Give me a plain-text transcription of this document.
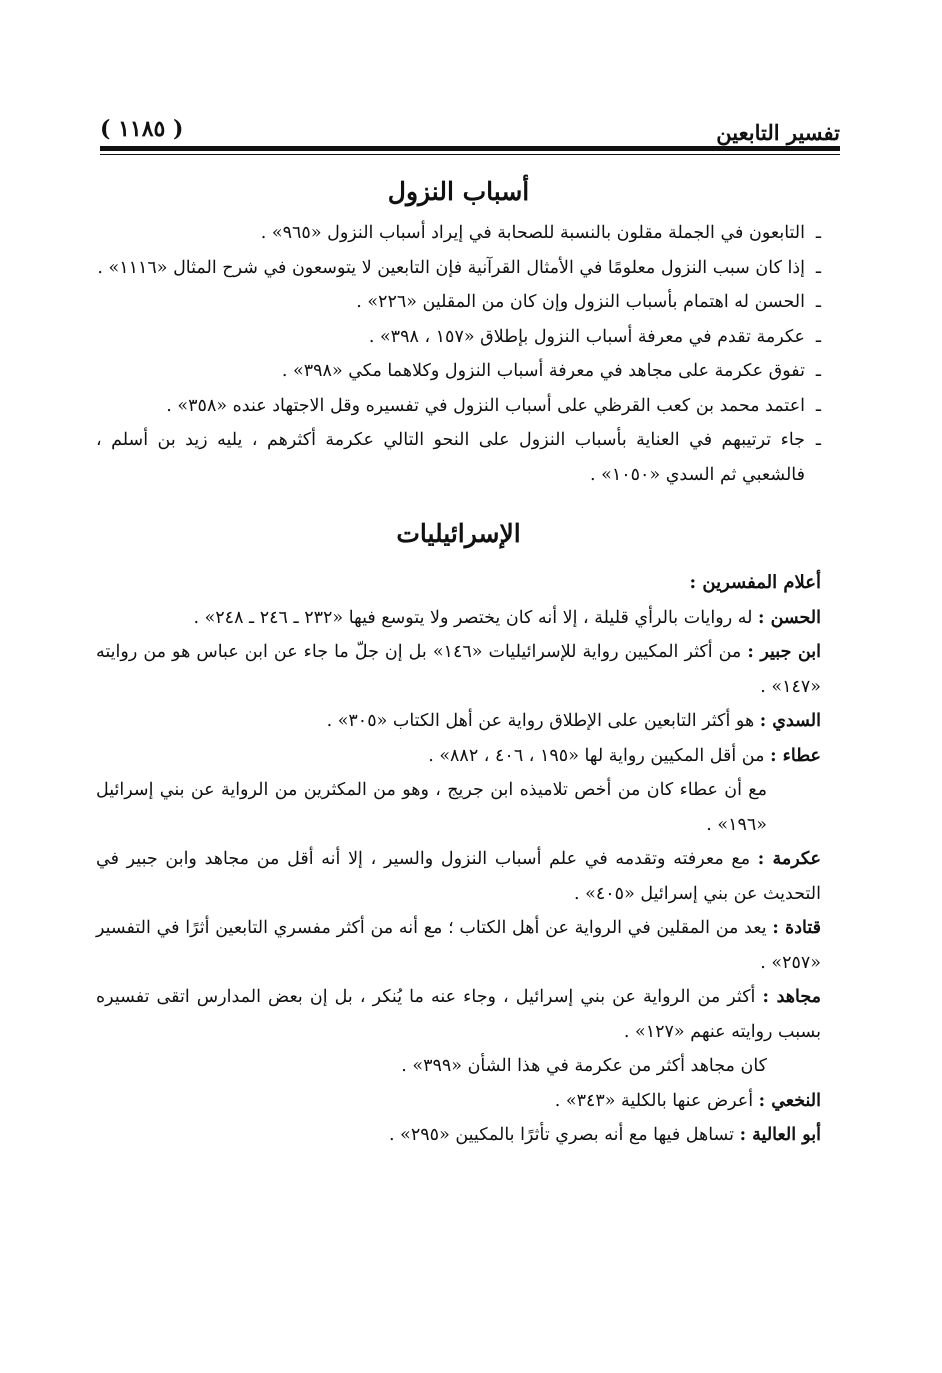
( ١١٨٥ )	تفسير التابعين
أسباب النزول
ـ التابعون في الجملة مقلون بالنسبة للصحابة في إيراد أسباب النزول «٩٦٥» .
ـ إذا كان سبب النزول معلومًا في الأمثال القرآنية فإن التابعين لا يتوسعون في شرح المثال «١١١٦» .
ـ الحسن له اهتمام بأسباب النزول وإن كان من المقلين «٢٢٦» .
ـ عكرمة تقدم في معرفة أسباب النزول بإطلاق «١٥٧ ، ٣٩٨» .
ـ تفوق عكرمة على مجاهد في معرفة أسباب النزول وكلاهما مكي «٣٩٨» .
ـ اعتمد محمد بن كعب القرظي على أسباب النزول في تفسيره وقل الاجتهاد عنده «٣٥٨» .
ـ جاء ترتيبهم في العناية بأسباب النزول على النحو التالي عكرمة أكثرهم ، يليه زيد بن أسلم ، فالشعبي ثم السدي «١٠٥٠» .
الإسرائيليات
أعلام المفسرين :
الحسن : له روايات بالرأي قليلة ، إلا أنه كان يختصر ولا يتوسع فيها «٢٣٢ ـ ٢٤٦ ـ ٢٤٨» .
ابن جبير : من أكثر المكيين رواية للإسرائيليات «١٤٦» بل إن جلّ ما جاء عن ابن عباس هو من روايته «١٤٧» .
السدي : هو أكثر التابعين على الإطلاق رواية عن أهل الكتاب «٣٠٥» .
عطاء : من أقل المكيين رواية لها «١٩٥ ، ٤٠٦ ، ٨٨٢» .
مع أن عطاء كان من أخص تلاميذه ابن جريج ، وهو من المكثرين من الرواية عن بني إسرائيل «١٩٦» .
عكرمة : مع معرفته وتقدمه في علم أسباب النزول والسير ، إلا أنه أقل من مجاهد وابن جبير في التحديث عن بني إسرائيل «٤٠٥» .
قتادة : يعد من المقلين في الرواية عن أهل الكتاب ؛ مع أنه من أكثر مفسري التابعين أثرًا في التفسير «٢٥٧» .
مجاهد : أكثر من الرواية عن بني إسرائيل ، وجاء عنه ما يُنكر ، بل إن بعض المدارس اتقى تفسيره بسبب روايته عنهم «١٢٧» .
كان مجاهد أكثر من عكرمة في هذا الشأن «٣٩٩» .
النخعي : أعرض عنها بالكلية «٣٤٣» .
أبو العالية : تساهل فيها مع أنه بصري تأثرًا بالمكيين «٢٩٥» .
